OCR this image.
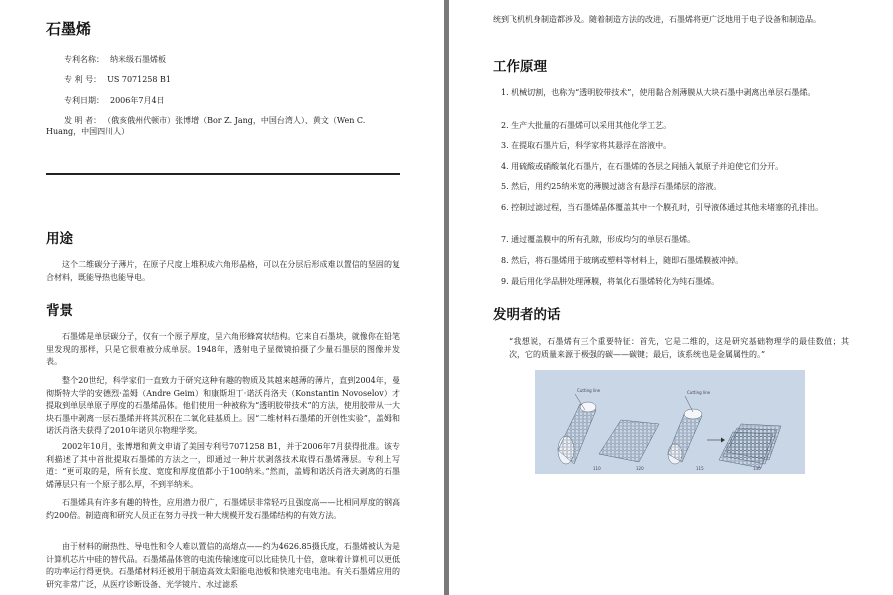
石墨烯
专利名称： 纳米级石墨烯板
专 利 号： US 7071258 B1
专利日期： 2006年7月4日
发 明 者： （俄亥俄州代顿市）张博增（Bor Z. Jang，中国台湾人）、黄文（Wen C. Huang，中国四川人）
用途
这个二维碳分子薄片，在原子尺度上堆积成六角形晶格，可以在分层后形成难以置信的坚固的复合材料，既能导热也能导电。
背景
石墨烯是单层碳分子，仅有一个原子厚度，呈六角形蜂窝状结构。它来自石墨块，就像你在铅笔里发现的那样，只是它很难被分成单层。1948年，透射电子显微镜拍摄了少量石墨层的图像并发表。
整个20世纪，科学家们一直致力于研究这种有趣的物质及其越来越薄的薄片，直到2004年，曼彻斯特大学的安德烈·盖姆（Andre Geim）和康斯坦丁·诺沃肖洛夫（Konstantin Novoselov）才提取到单层单原子厚度的石墨烯晶体。他们使用一种被称为“透明胶带技术”的方法，使用胶带从一大块石墨中剥离一层石墨烯并将其沉积在二氧化硅基质上。因“二维材料石墨烯的开创性实验”，盖姆和诺沃肖洛夫获得了2010年诺贝尔物理学奖。
2002年10月，张博增和黄文申请了美国专利号7071258 B1，并于2006年7月获得批准。该专利描述了其中首批提取石墨烯的方法之一，即通过一种片状剥落技术取得石墨烯薄层。专利上写道：“更可取的是，所有长度、宽度和厚度值都小于100纳米。”然而，盖姆和诺沃肖洛夫剥离的石墨烯薄层只有一个原子那么厚，不到半纳米。
石墨烯具有许多有趣的特性，应用潜力很广，石墨烯层非常轻巧且强度高——比相同厚度的钢高约200倍。制造商和研究人员正在努力寻找一种大规模开发石墨烯结构的有效方法。
由于材料的耐热性、导电性和令人难以置信的高熔点——约为4626.85摄氏度，石墨烯被认为是计算机芯片中硅的替代品。石墨烯晶体管的电流传输速度可以比硅快几十倍，意味着计算机可以更低的功率运行得更快。石墨烯材料还被用于制造高效太阳能电池板和快速充电电池。有关石墨烯应用的研究非常广泛，从医疗诊断设备、光学镜片、水过滤系
统到飞机机身制造都涉及。随着制造方法的改进，石墨烯将更广泛地用于电子设备和制造品。
工作原理
1. 机械切割，也称为“透明胶带技术”，使用黏合剂薄膜从大块石墨中剥离出单层石墨烯。
2. 生产大批量的石墨烯可以采用其他化学工艺。
3. 在提取石墨片后，科学家将其悬浮在溶液中。
4. 用硫酸或硝酸氧化石墨片，在石墨烯的各层之间插入氧原子并迫使它们分开。
5. 然后，用约25纳米宽的薄膜过滤含有悬浮石墨烯层的溶液。
6. 控制过滤过程，当石墨烯晶体覆盖其中一个膜孔时，引导液体通过其他未堵塞的孔排出。
7. 通过覆盖膜中的所有孔隙，形成均匀的单层石墨烯。
8. 然后，将石墨烯用于玻璃或塑料等材料上，随即石墨烯膜被冲掉。
9. 最后用化学品肼处理薄膜，将氧化石墨烯转化为纯石墨烯。
发明者的话
“我想说，石墨烯有三个重要特征：首先，它是二维的，这是研究基础物理学的最佳数值；其次，它的质量来源于极强的碳——碳键；最后，该系统也是金属属性的。”
Cutting line	Cutting line
110	120	115	130
